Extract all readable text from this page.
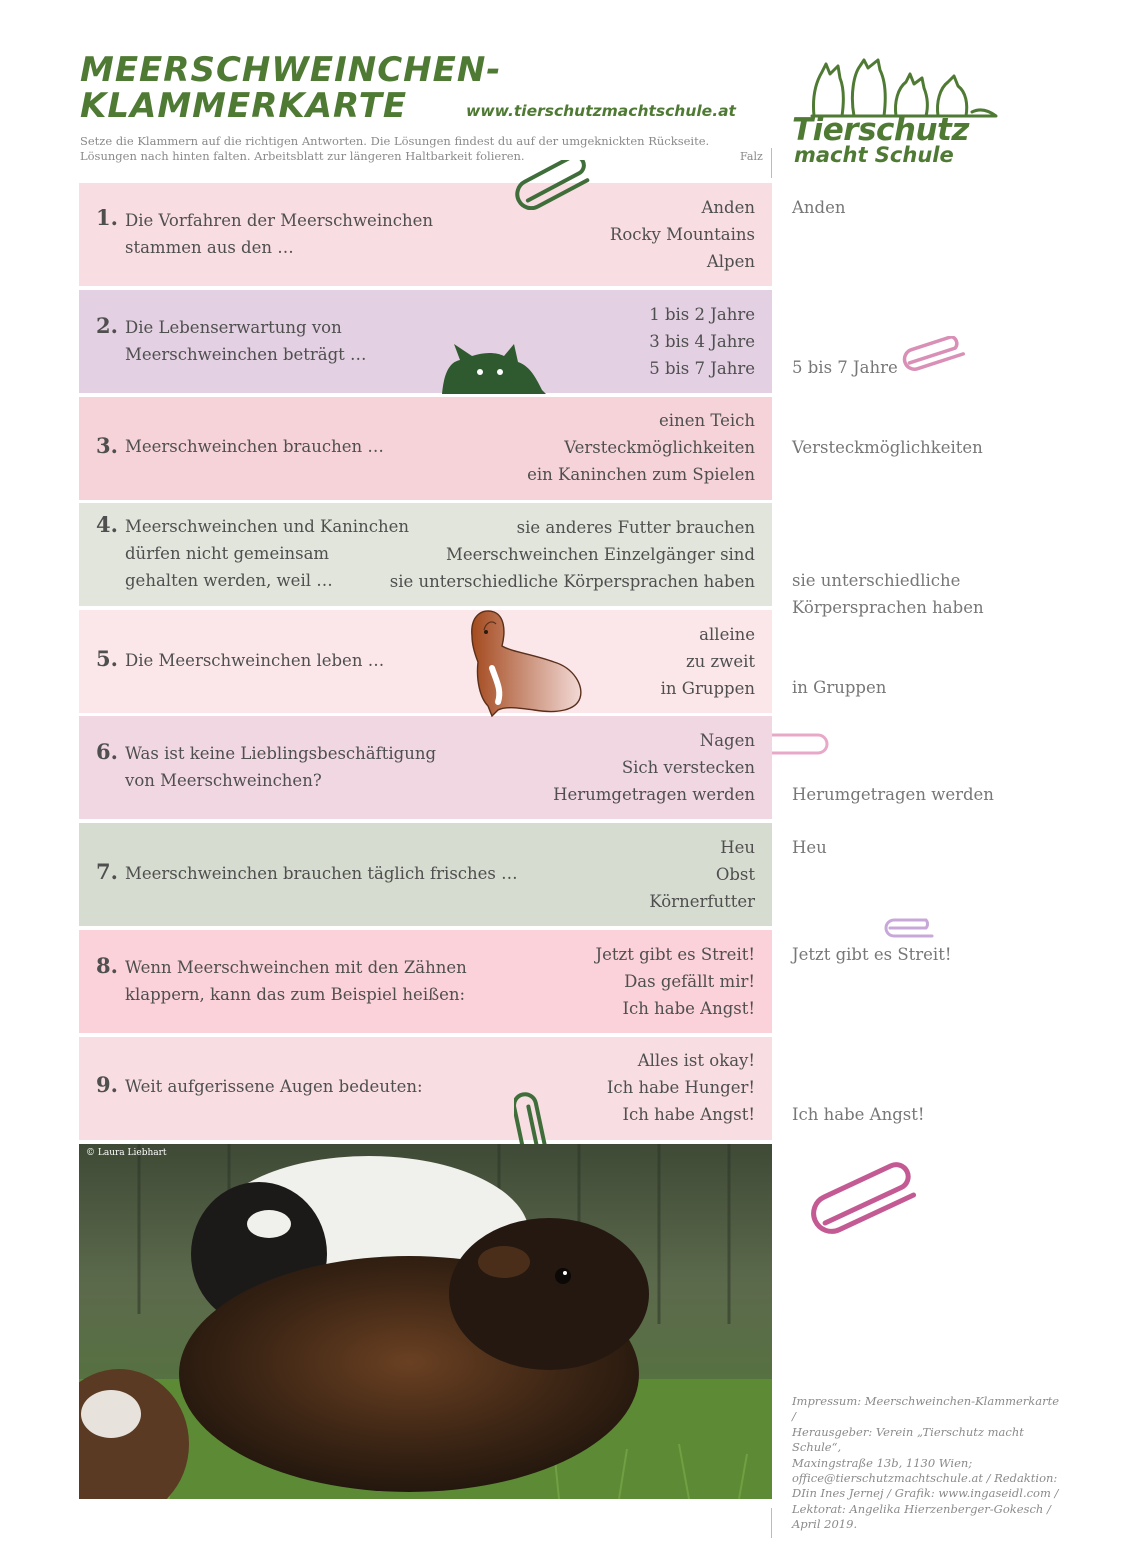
MEERSCHWEINCHEN-
KLAMMERKARTE	www.tierschutzmachtschule.at
Setze die Klammern auf die richtigen Antworten. Die Lösungen findest du auf der umgeknickten Rückseite.
Lösungen nach hinten falten. Arbeitsblatt zur längeren Haltbarkeit folieren.	Falz
Tierschutz
macht Schule
1. Die Vorfahren der Meerschweinchen
stammen aus den …
Anden
Rocky Mountains
Alpen
2. Die Lebenserwartung von
Meerschweinchen beträgt …
1 bis 2 Jahre
3 bis 4 Jahre
5 bis 7 Jahre
3. Meerschweinchen brauchen …
einen Teich
Versteckmöglichkeiten
ein Kaninchen zum Spielen
4. Meerschweinchen und Kaninchen
dürfen nicht gemeinsam
gehalten werden, weil …
sie anderes Futter brauchen
Meerschweinchen Einzelgänger sind
sie unterschiedliche Körpersprachen haben
5. Die Meerschweinchen leben …
alleine
zu zweit
in Gruppen
6. Was ist keine Lieblingsbeschäftigung
von Meerschweinchen?
Nagen
Sich verstecken
Herumgetragen werden
7. Meerschweinchen brauchen täglich frisches …
Heu
Obst
Körnerfutter
8. Wenn Meerschweinchen mit den Zähnen
klappern, kann das zum Beispiel heißen:
Jetzt gibt es Streit!
Das gefällt mir!
Ich habe Angst!
9. Weit aufgerissene Augen bedeuten:
Alles ist okay!
Ich habe Hunger!
Ich habe Angst!
Anden
5 bis 7 Jahre
Versteckmöglichkeiten
sie unterschiedliche
Körpersprachen haben
in Gruppen
Herumgetragen werden
Heu
Jetzt gibt es Streit!
Ich habe Angst!
© Laura Liebhart
Impressum: Meerschweinchen-Klammerkarte /
Herausgeber: Verein „Tierschutz macht Schule“,
Maxingstraße 13b, 1130 Wien;
office@tierschutzmachtschule.at / Redaktion:
DIin Ines Jernej / Grafik: www.ingaseidl.com /
Lektorat: Angelika Hierzenberger-Gokesch /
April 2019.
